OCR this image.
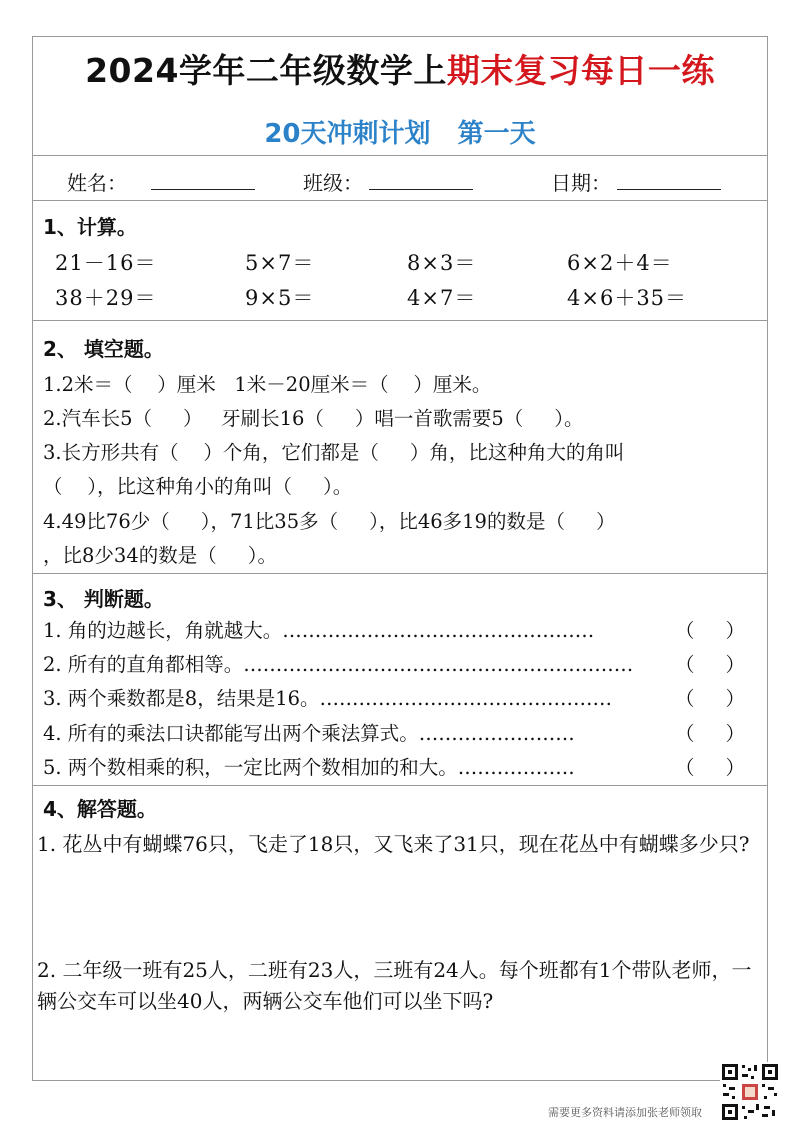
2024学年二年级数学上期末复习每日一练
20天冲刺计划   第一天
姓名：	班级：	日期：
1、计算。
21－16＝	5×7＝	8×3＝	6×2＋4＝
38＋29＝	9×5＝	4×7＝	4×6＋35＝
2、 填空题。
1.2米＝（    ）厘米   1米－20厘米＝（    ）厘米。
2.汽车长5（     ）   牙刷长16（     ）唱一首歌需要5（     ）。
3.长方形共有（    ）个角，它们都是（     ）角，比这种角大的角叫
（    ），比这种角小的角叫（     ）。
4.49比76少（     ），71比35多（     ），比46多19的数是（     ）
，比8少34的数是（     ）。
3、 判断题。
1. 角的边越长，角就越大。…………………………………………	（     ）
2. 所有的直角都相等。…………………………………………………… （     ）
3. 两个乘数都是8，结果是16。………………………………………	（     ）
4. 所有的乘法口诀都能写出两个乘法算式。……………………	（     ）
5. 两个数相乘的积，一定比两个数相加的和大。………………	（     ）
4、解答题。
1. 花丛中有蝴蝶76只，飞走了18只，又飞来了31只，现在花丛中有蝴蝶多少只?
2. 二年级一班有25人，二班有23人，三班有24人。每个班都有1个带队老师，一辆公交车可以坐40人，两辆公交车他们可以坐下吗?
需要更多资料请添加张老师领取
